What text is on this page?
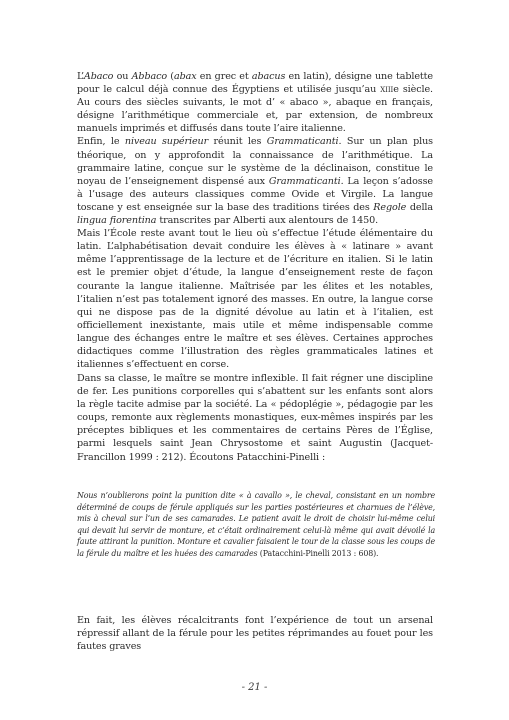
L’Abaco ou Abbaco (abax en grec et abacus en latin), désigne une tablette pour le calcul déjà connue des Égyptiens et utilisée jusqu’au xiiie siècle. Au cours des siècles suivants, le mot d’ « abaco », abaque en français, désigne l’arithmétique commerciale et, par extension, de nombreux manuels imprimés et diffusés dans toute l’aire italienne.

Enfin, le niveau supérieur réunit les Grammaticanti. Sur un plan plus théorique, on y approfondit la connaissance de l’arithmétique. La grammaire latine, conçue sur le système de la déclinaison, constitue le noyau de l’enseignement dispensé aux Grammaticanti. La leçon s’adosse à l’usage des auteurs classiques comme Ovide et Virgile. La langue toscane y est enseignée sur la base des traditions tirées des Regole della lingua fiorentina transcrites par Alberti aux alentours de 1450.

Mais l’École reste avant tout le lieu où s’effectue l’étude élémentaire du latin. L’alphabétisation devait conduire les élèves à « latinare » avant même l’apprentissage de la lecture et de l’écriture en italien. Si le latin est le premier objet d’étude, la langue d’enseignement reste de façon courante la langue italienne. Maîtrisée par les élites et les notables, l’italien n’est pas totalement ignoré des masses. En outre, la langue corse qui ne dispose pas de la dignité dévolue au latin et à l’italien, est officiellement inexistante, mais utile et même indispensable comme langue des échanges entre le maître et ses élèves. Certaines approches didactiques comme l’illustration des règles grammaticales latines et italiennes s’effectuent en corse.

Dans sa classe, le maître se montre inflexible. Il fait régner une discipline de fer. Les punitions corporelles qui s’abattent sur les enfants sont alors la règle tacite admise par la société. La « pédoplégie », pédagogie par les coups, remonte aux règlements monastiques, eux-mêmes inspirés par les préceptes bibliques et les commentaires de certains Pères de l’Église, parmi lesquels saint Jean Chrysostome et saint Augustin (Jacquet-Francillon 1999 : 212). Écoutons Patacchini-Pinelli :

Nous n’oublierons point la punition dite « à cavallo », le cheval, consistant en un nombre déterminé de coups de férule appliqués sur les parties postérieures et charnues de l’élève, mis à cheval sur l’un de ses camarades. Le patient avait le droit de choisir lui-même celui qui devait lui servir de monture, et c’était ordinairement celui-là même qui avait dévoilé la faute attirant la punition. Monture et cavalier faisaient le tour de la classe sous les coups de la férule du maître et les huées des camarades (Patacchini-Pinelli 2013 : 608).

En fait, les élèves récalcitrants font l’expérience de tout un arsenal répressif allant de la férule pour les petites réprimandes au fouet pour les fautes graves

- 21 -
